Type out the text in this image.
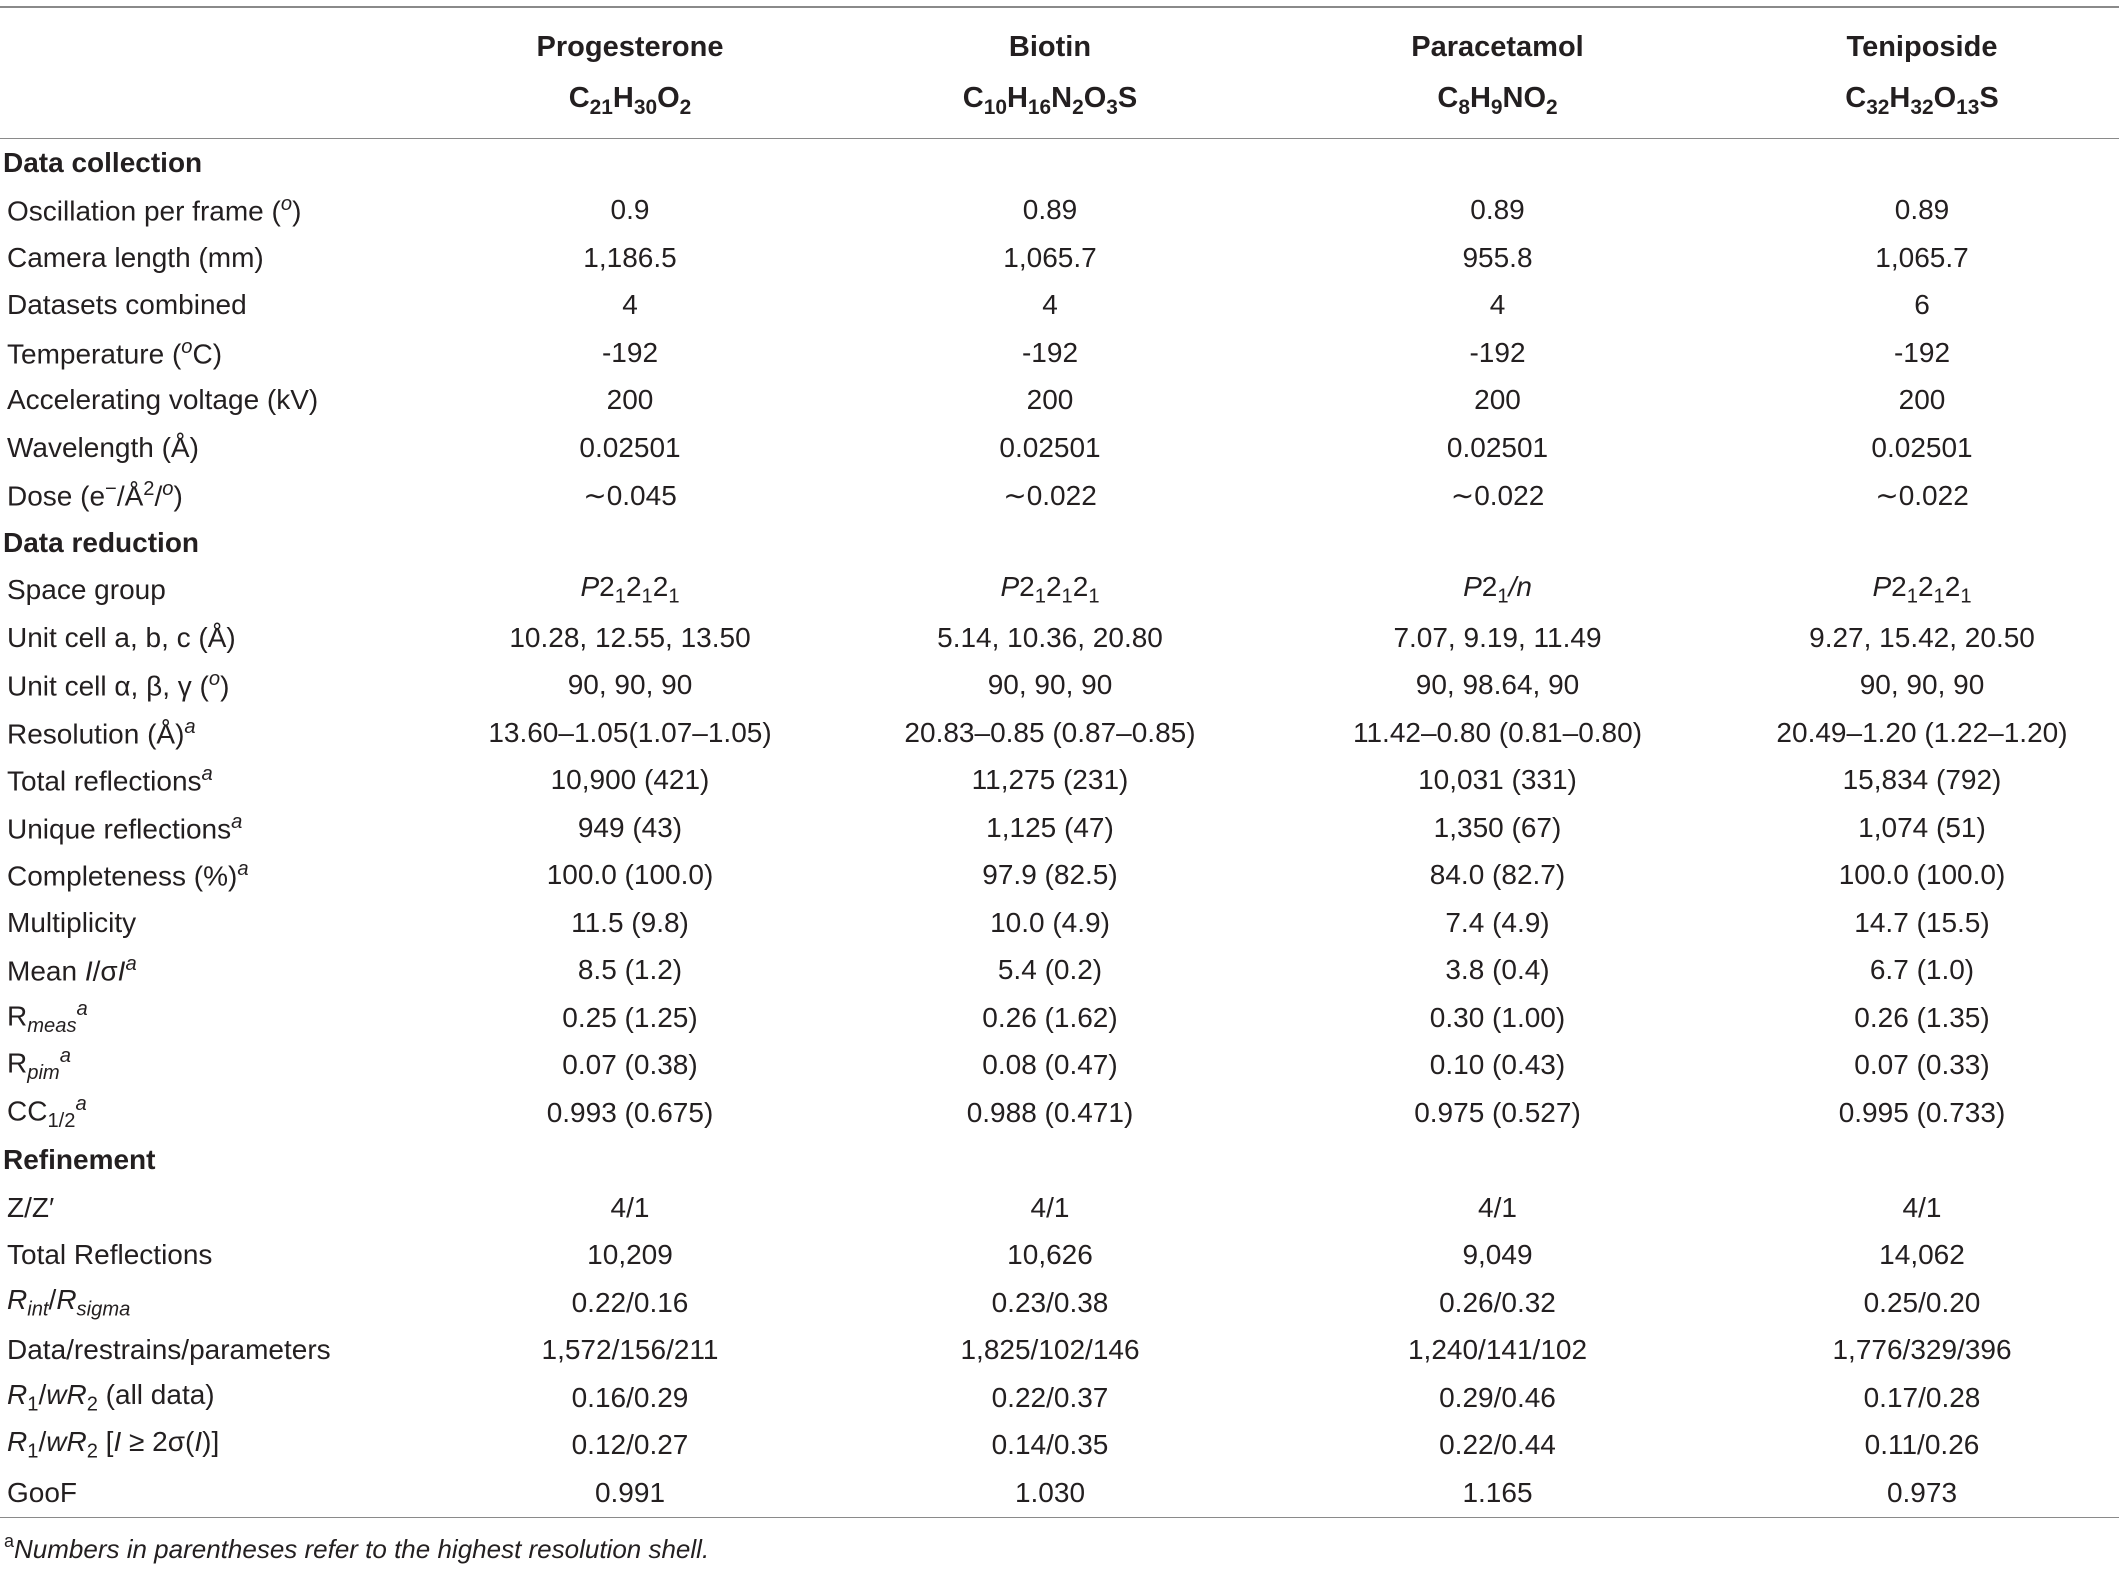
	Progesterone	Biotin	Paracetamol	Teniposide
	$C_{21}H_{30}O_2$	$C_{10}H_{16}N_2O_3S$	$C_8H_9NO_2$	$C_{32}H_{32}O_{13}S$
Data collection				
Oscillation per frame ($^o$)	0.9	0.89	0.89	0.89
Camera length (mm)	1,186.5	1,065.7	955.8	1,065.7
Datasets combined	4	4	4	6
Temperature ($^o$C)	-192	-192	-192	-192
Accelerating voltage (kV)	200	200	200	200
Wavelength (Å)	0.02501	0.02501	0.02501	0.02501
Dose $(e^-/Å^2/^o)$	∼0.045	∼0.022	∼0.022	∼0.022
Data reduction				
Space group	$P2_12_12_1$	$P2_12_12_1$	$P2_1/n$	$P2_12_12_1$
Unit cell a, b, c (Å)	10.28, 12.55, 13.50	5.14, 10.36, 20.80	7.07, 9.19, 11.49	9.27, 15.42, 20.50
Unit cell α, β, γ ($^o$)	90, 90, 90	90, 90, 90	90, 98.64, 90	90, 90, 90
Resolution (Å)$^a$	13.60–1.05(1.07–1.05)	20.83–0.85 (0.87–0.85)	11.42–0.80 (0.81–0.80)	20.49–1.20 (1.22–1.20)
Total reflections$^a$	10,900 (421)	11,275 (231)	10,031 (331)	15,834 (792)
Unique reflections$^a$	949 (43)	1,125 (47)	1,350 (67)	1,074 (51)
Completeness (%)$^a$	100.0 (100.0)	97.9 (82.5)	84.0 (82.7)	100.0 (100.0)
Multiplicity	11.5 (9.8)	10.0 (4.9)	7.4 (4.9)	14.7 (15.5)
Mean $I/\sigma I^a$	8.5 (1.2)	5.4 (0.2)	3.8 (0.4)	6.7 (1.0)
$R_{meas}^a$	0.25 (1.25)	0.26 (1.62)	0.30 (1.00)	0.26 (1.35)
$R_{pim}^a$	0.07 (0.38)	0.08 (0.47)	0.10 (0.43)	0.07 (0.33)
$CC_{1/2}^a$	0.993 (0.675)	0.988 (0.471)	0.975 (0.527)	0.995 (0.733)
Refinement				
Z/Z′	4/1	4/1	4/1	4/1
Total Reflections	10,209	10,626	9,049	14,062
$R_{int}/R_{sigma}$	0.22/0.16	0.23/0.38	0.26/0.32	0.25/0.20
Data/restrains/parameters	1,572/156/211	1,825/102/146	1,240/141/102	1,776/329/396
$R_1/wR_2$ (all data)	0.16/0.29	0.22/0.37	0.29/0.46	0.17/0.28
$R_1/wR_2$ [I ≥ 2σ(I)]	0.12/0.27	0.14/0.35	0.22/0.44	0.11/0.26
GooF	0.991	1.030	1.165	0.973
$^a$Numbers in parentheses refer to the highest resolution shell.
